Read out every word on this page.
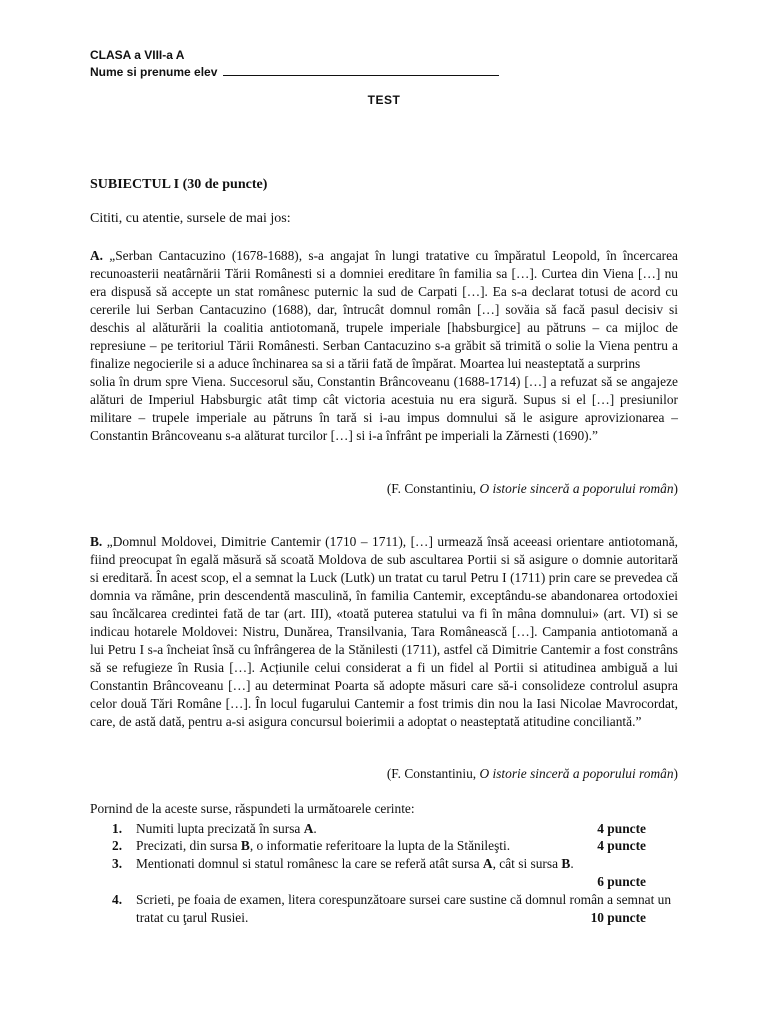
CLASA a VIII-a A
Nume si prenume elev
TEST
SUBIECTUL I (30 de puncte)
Cititi, cu atentie, sursele de mai jos:
A. „Serban Cantacuzino (1678-1688), s-a angajat în lungi tratative cu împăratul Leopold, în încercarea recunoasterii neatârnării Tării Românesti si a domniei ereditare în familia sa […]. Curtea din Viena […] nu era dispusă să accepte un stat românesc puternic la sud de Carpati […]. Ea s-a declarat totusi de acord cu cererile lui Serban Cantacuzino (1688), dar, întrucât domnul român […] sovăia să facă pasul decisiv si deschis al alăturării la coalitia antiotomană, trupele imperiale [habsburgice] au pătruns – ca mijloc de represiune – pe teritoriul Tării Românesti. Serban Cantacuzino s-a grăbit să trimită o solie la Viena pentru a finalize negocierile si a aduce închinarea sa si a tării fată de împărat. Moartea lui neasteptată a surprins
solia în drum spre Viena. Succesorul său, Constantin Brâncoveanu (1688-1714) […] a refuzat să se angajeze alături de Imperiul Habsburgic atât timp cât victoria acestuia nu era sigură. Supus si el […] presiunilor militare – trupele imperiale au pătruns în tară si i-au impus domnului să le asigure aprovizionarea – Constantin Brâncoveanu s-a alăturat turcilor […] si i-a înfrânt pe imperiali la Zărnesti (1690).”
(F. Constantiniu, O istorie sinceră a poporului român)
B. „Domnul Moldovei, Dimitrie Cantemir (1710 – 1711), […] urmează însă aceeasi orientare antiotomană, fiind preocupat în egală măsură să scoată Moldova de sub ascultarea Portii si să asigure o domnie autoritară si ereditară. În acest scop, el a semnat la Luck (Lutk) un tratat cu tarul Petru I (1711) prin care se prevedea că domnia va rămâne, prin descendentă masculină, în familia Cantemir, exceptându-se abandonarea ortodoxiei sau încălcarea credintei fată de tar (art. III), «toată puterea statului va fi în mâna domnului» (art. VI) si se indicau hotarele Moldovei: Nistru, Dunărea, Transilvania, Tara Românească […]. Campania antiotomană a lui Petru I s-a încheiat însă cu înfrângerea de la Stănilesti (1711), astfel că Dimitrie Cantemir a fost constrâns să se refugieze în Rusia […]. Acțiunile celui considerat a fi un fidel al Portii si atitudinea ambiguă a lui Constantin Brâncoveanu […] au determinat Poarta să adopte măsuri care să-i consolideze controlul asupra celor două Tări Române […]. În locul fugarului Cantemir a fost trimis din nou la Iasi Nicolae Mavrocordat, care, de astă dată, pentru a-si asigura concursul boierimii a adoptat o neasteptată atitudine conciliantă.”
(F. Constantiniu, O istorie sinceră a poporului român)
Pornind de la aceste surse, răspundeti la următoarele cerinte:
1.	Numiti lupta precizată în sursa A.	4 puncte
2.	Precizati, din sursa B, o informatie referitoare la lupta de la Stănileşti.	4 puncte
3.	Mentionati domnul si statul românesc la care se referă atât sursa A, cât si sursa B.
6 puncte
4.	Scrieti, pe foaia de examen, litera corespunzătoare sursei care sustine că domnul român a semnat un tratat cu ţarul Rusiei.	10 puncte
